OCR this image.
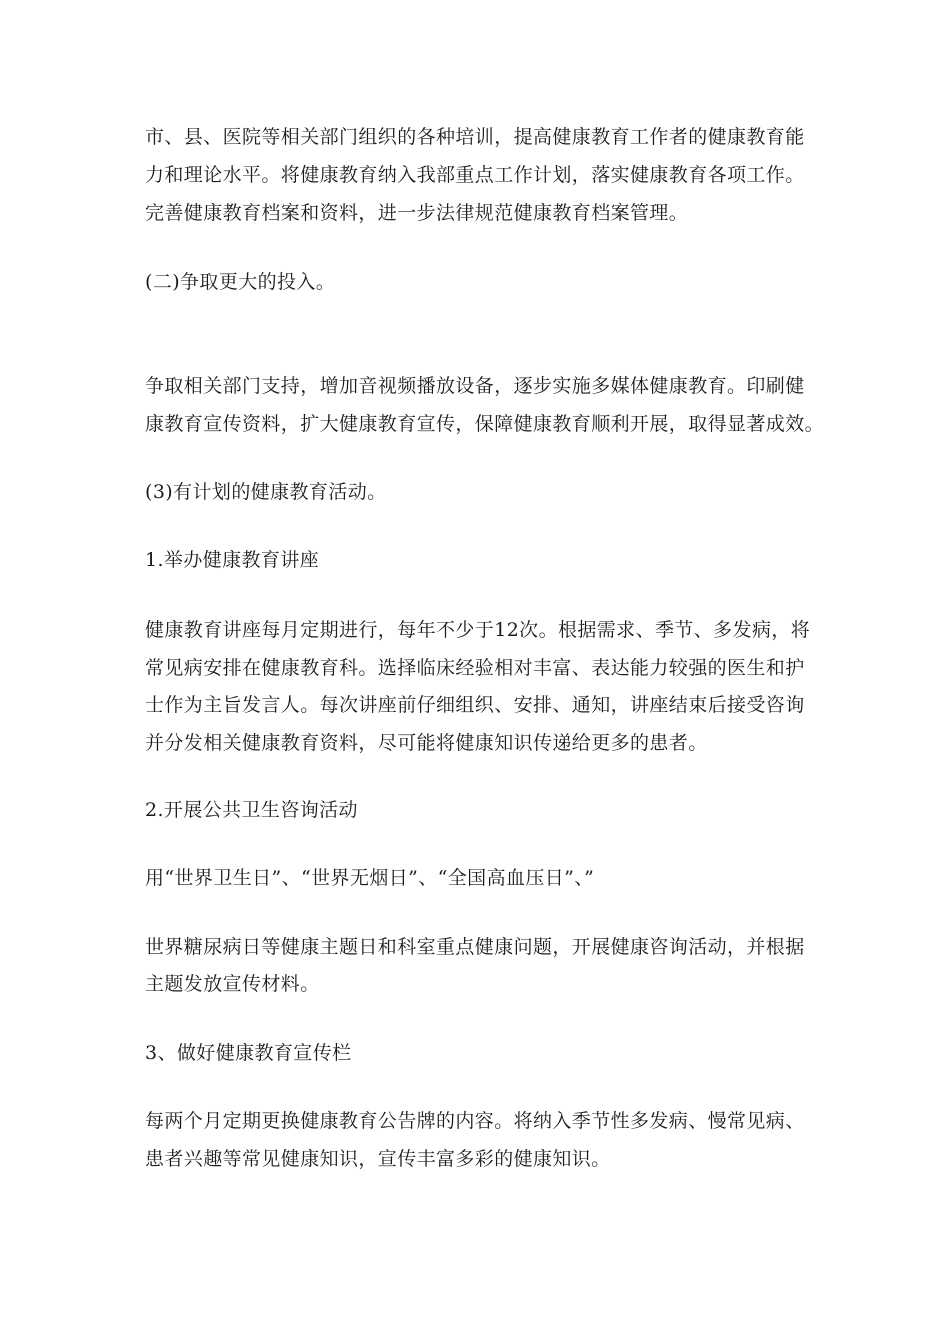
市、县、医院等相关部门组织的各种培训，提高健康教育工作者的健康教育能
力和理论水平。将健康教育纳入我部重点工作计划，落实健康教育各项工作。
完善健康教育档案和资料，进一步法律规范健康教育档案管理。
(二)争取更大的投入。
争取相关部门支持，增加音视频播放设备，逐步实施多媒体健康教育。印刷健
康教育宣传资料，扩大健康教育宣传，保障健康教育顺利开展，取得显著成效。
(3)有计划的健康教育活动。
1.举办健康教育讲座
健康教育讲座每月定期进行，每年不少于12次。根据需求、季节、多发病，将
常见病安排在健康教育科。选择临床经验相对丰富、表达能力较强的医生和护
士作为主旨发言人。每次讲座前仔细组织、安排、通知，讲座结束后接受咨询
并分发相关健康教育资料，尽可能将健康知识传递给更多的患者。
2.开展公共卫生咨询活动
用“世界卫生日”、“世界无烟日”、“全国高血压日”、”
世界糖尿病日等健康主题日和科室重点健康问题，开展健康咨询活动，并根据
主题发放宣传材料。
3、做好健康教育宣传栏
每两个月定期更换健康教育公告牌的内容。将纳入季节性多发病、慢常见病、
患者兴趣等常见健康知识，宣传丰富多彩的健康知识。
